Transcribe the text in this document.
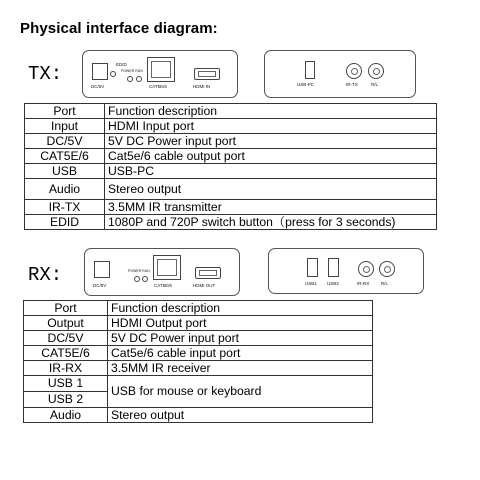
Physical interface diagram:
TX:
DC/5V
EDID
POWER RUN
CAT5E/6	HDMI IN	USB-PC	IR-TX	R/L
Port	Function description
Input	HDMI Input port
DC/5V	5V DC Power input port
CAT5E/6	Cat5e/6 cable output port
USB	USB-PC
Audio	Stereo output
IR-TX	3.5MM IR transmitter
EDID	1080P and 720P switch button（press for 3 seconds)
RX:	DC/5V
POWER RUN
CAT5E/6	HDMI OUT	USB1 USB2	IR-RX	R/L
Port	Function description
Output	HDMI Output port
DC/5V	5V DC Power input port
CAT5E/6	Cat5e/6 cable input port
IR-RX	3.5MM IR receiver
USB 1	USB for mouse or keyboard
USB 2	
Audio	Stereo output
